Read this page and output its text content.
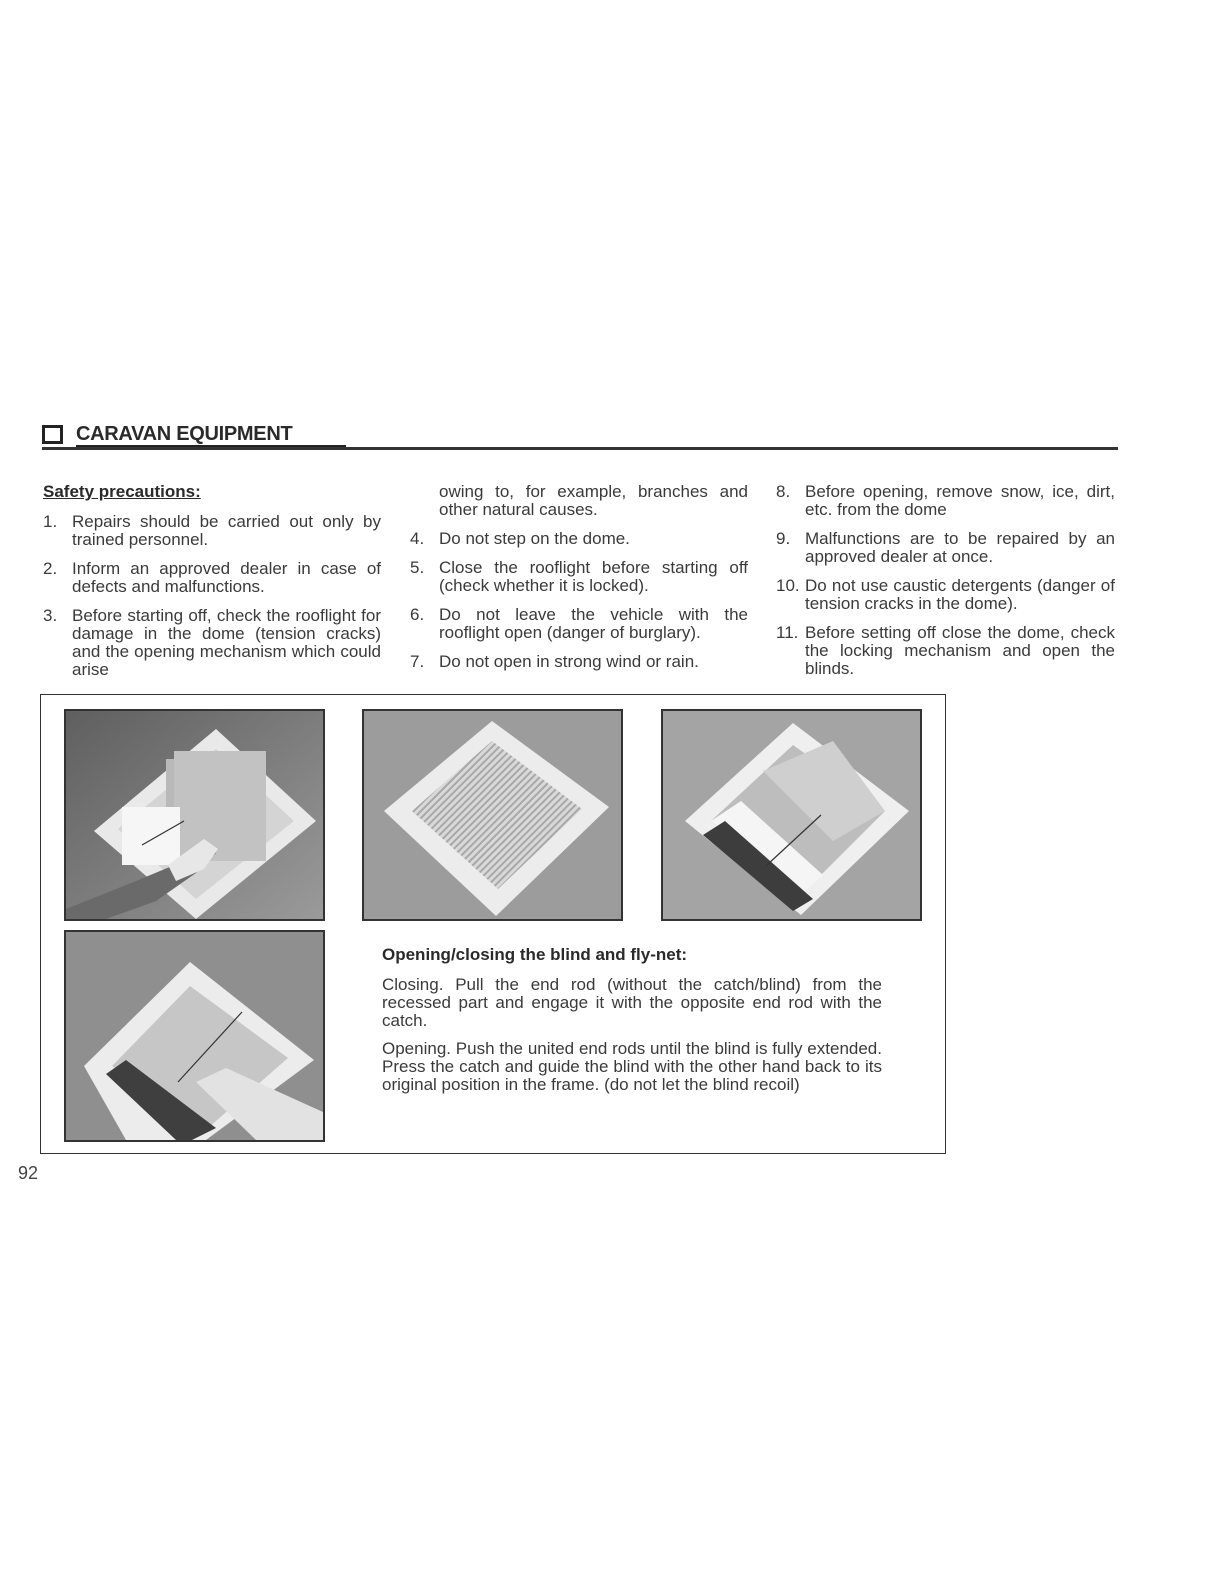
CARAVAN EQUIPMENT
Safety precautions:
1. Repairs should be carried out only by trained personnel.
2. Inform an approved dealer in case of defects and malfunctions.
3. Before starting off, check the rooflight for damage in the dome (tension cracks) and the opening mechanism which could arise
owing to, for example, branches and other natural causes.
4. Do not step on the dome.
5. Close the rooflight before starting off (check whether it is locked).
6. Do not leave the vehicle with the rooflight open (danger of burglary).
7. Do not open in strong wind or rain.
8. Before opening, remove snow, ice, dirt, etc. from the dome
9. Malfunctions are to be repaired by an approved dealer at once.
10. Do not use caustic detergents (danger of tension cracks in the dome).
11. Before setting off close the dome, check the locking mechanism and open the blinds.
Opening/closing the blind and fly-net:
Closing. Pull the end rod (without the catch/blind) from the recessed part and engage it with the opposite end rod with the catch.
Opening. Push the united end rods until the blind is fully extended. Press the catch and guide the blind with the other hand back to its original position in the frame. (do not let the blind recoil)
92
